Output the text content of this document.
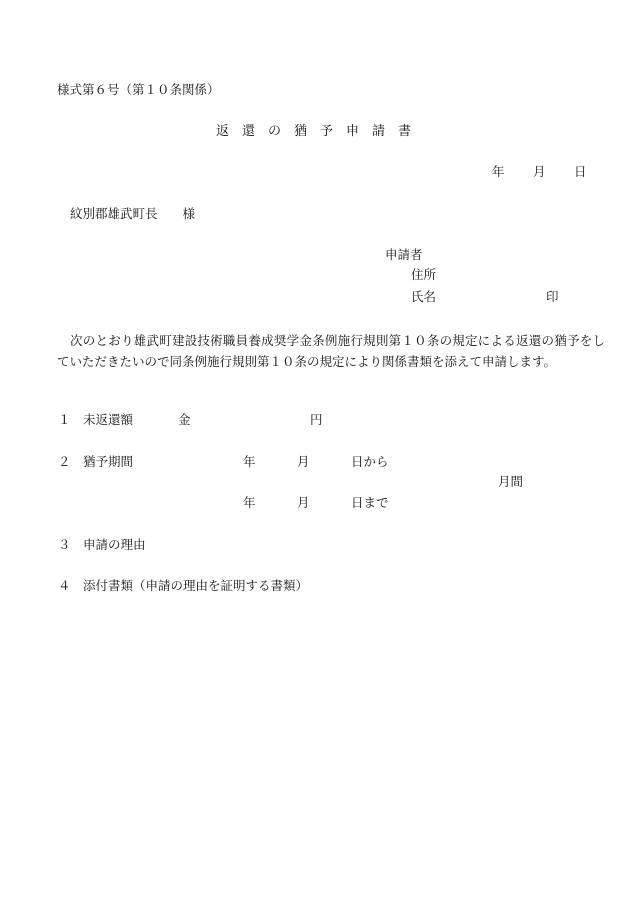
様式第６号（第１０条関係）
返　還　の　猶　予　申　請　書
年 月 日
紋別郡雄武町長　　様
申請者
住所
氏名	印
次のとおり雄武町建設技術職員養成奨学金条例施行規則第１０条の規定による返還の猶予をしていただきたいので同条例施行規則第１０条の規定により関係書類を添えて申請します。
１ 未返還額	金	円
２ 猶予期間	年	月	日から
月間
年	月	日まで
３ 申請の理由
４ 添付書類（申請の理由を証明する書類）
